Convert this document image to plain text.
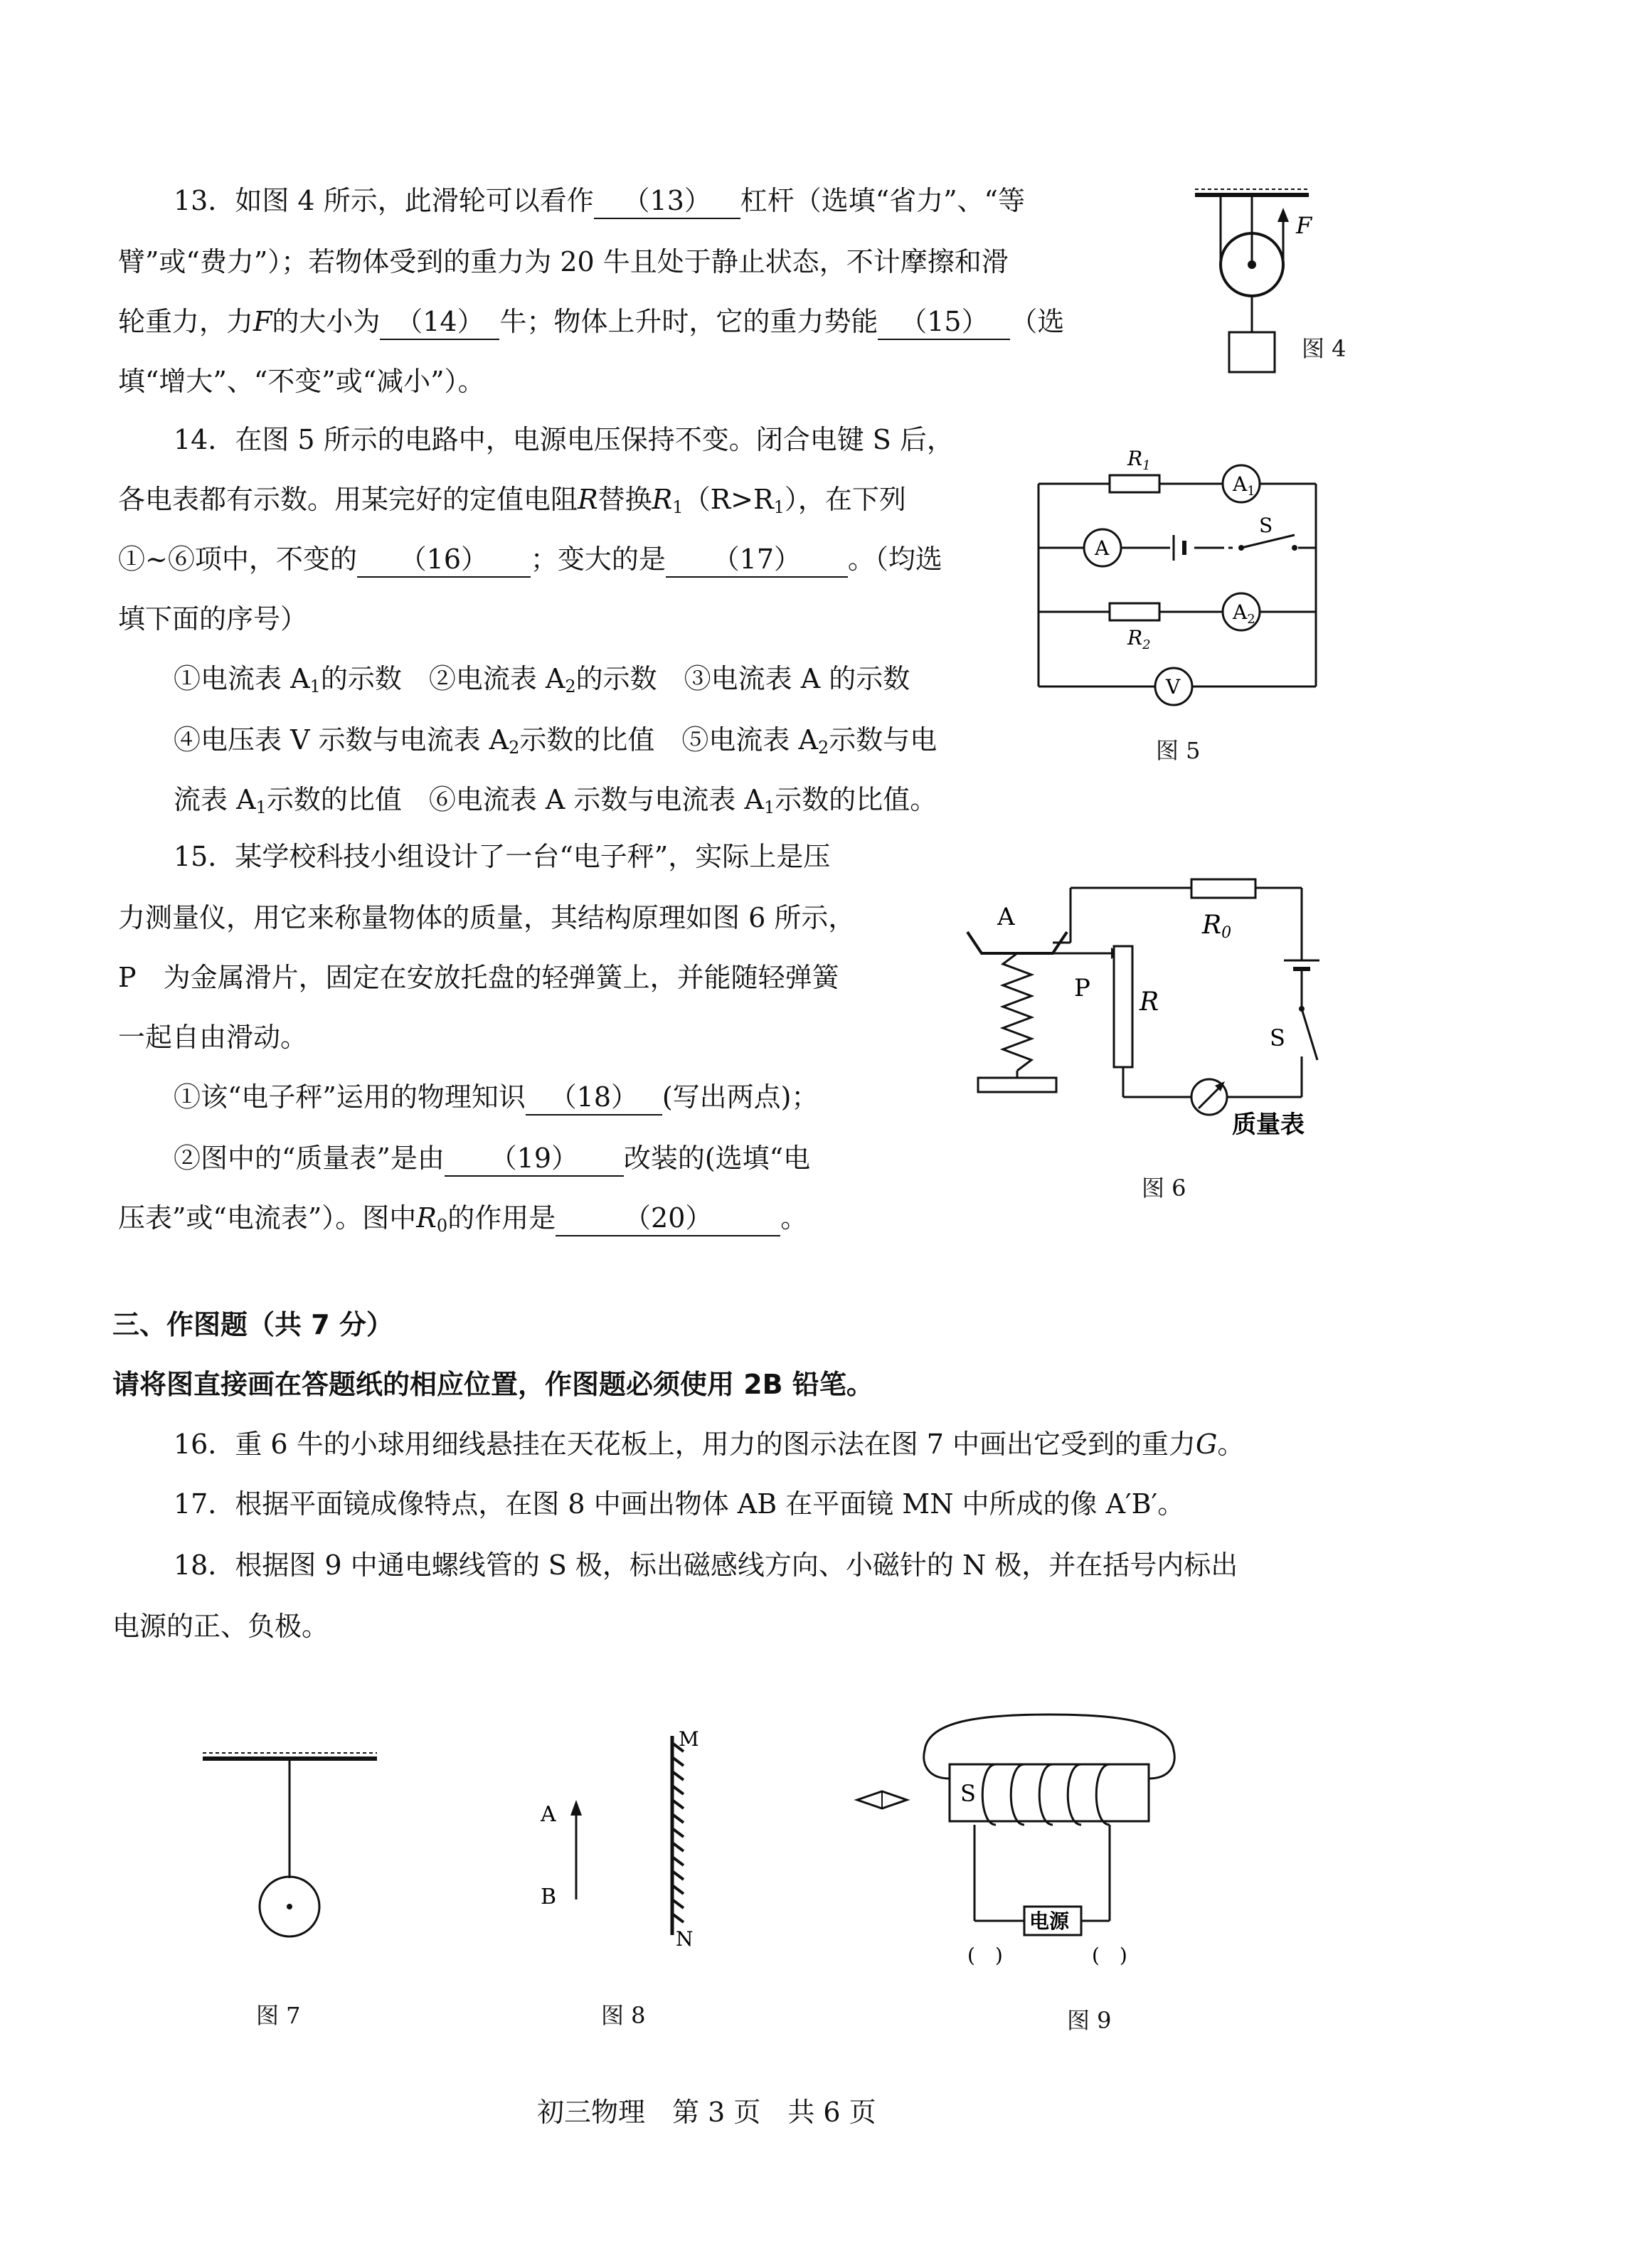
13．如图 4 所示，此滑轮可以看作 （13） 杠杆（选填“省力”、“等
臂”或“费力”）；若物体受到的重力为 20 牛且处于静止状态，不计摩擦和滑
轮重力，力F的大小为 （14） 牛；物体上升时，它的重力势能 （15） （选
填“增大”、“不变”或“减小”）。
F
图 4
14．在图 5 所示的电路中，电源电压保持不变。闭合电键 S 后，
各电表都有示数。用某完好的定值电阻R替换$R_1(R>R_1)$，在下列
①~⑥项中，不变的 （16） ；变大的是 （17） 。（均选
填下面的序号）
①电流表 $A_1$的示数　②电流表 $A_2$的示数　③电流表 A 的示数
④电压表 V 示数与电流表 $A_2$示数的比值　⑤电流表 $A_2$示数与电
流表 $A_1$示数的比值　⑥电流表 A 示数与电流表 $A_1$示数的比值。
$R_1$
$A_1$
A
S
$R_2$
$A_2$
V
图 5
15．某学校科技小组设计了一台“电子秤”，实际上是压
力测量仪，用它来称量物体的质量，其结构原理如图 6 所示，
P　为金属滑片，固定在安放托盘的轻弹簧上，并能随轻弹簧
一起自由滑动。
①该“电子秤”运用的物理知识 （18） (写出两点)；
②图中的“质量表”是由 （19） 改装的(选填“电
压表”或“电流表”）。图中$R_0$的作用是	（20）	。
A
P R
R0
S
质量表
图 6
三、作图题（共 7 分）
请将图直接画在答题纸的相应位置，作图题必须使用 2B 铅笔。
16．重 6 牛的小球用细线悬挂在天花板上，用力的图示法在图 7 中画出它受到的重力G。
17．根据平面镜成像特点，在图 8 中画出物体 AB 在平面镜 MN 中所成的像 A′B′。
18．根据图 9 中通电螺线管的 S 极，标出磁感线方向、小磁针的 N 极，并在括号内标出
电源的正、负极。
图 7
A
B
M
N
图 8
S
电源
(　)	(　)
图 9
初三物理　第 3 页　共 6 页
